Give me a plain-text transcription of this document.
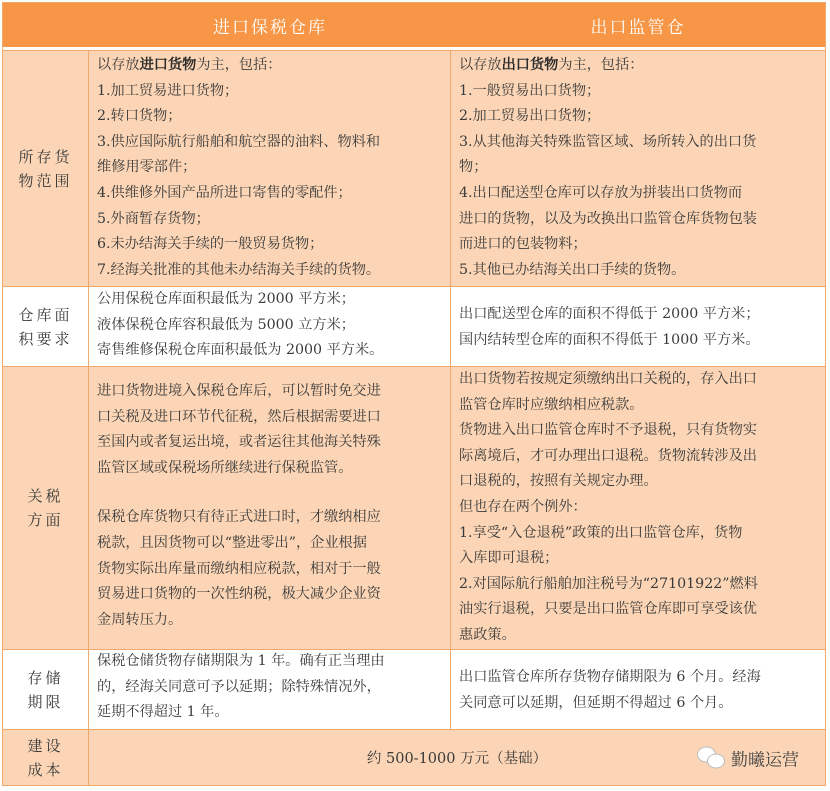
进口保税仓库	出口监管仓
所存货
物范围
以存放进口货物为主，包括：
1.加工贸易进口货物；
2.转口货物；
3.供应国际航行船舶和航空器的油料、物料和
维修用零部件；
4.供维修外国产品所进口寄售的零配件；
5.外商暂存货物；
6.未办结海关手续的一般贸易货物；
7.经海关批准的其他未办结海关手续的货物。
以存放出口货物为主，包括：
1.一般贸易出口货物；
2.加工贸易出口货物；
3.从其他海关特殊监管区域、场所转入的出口货
物；
4.出口配送型仓库可以存放为拼装出口货物而
进口的货物，以及为改换出口监管仓库货物包装
而进口的包装物料；
5.其他已办结海关出口手续的货物。
仓库面
积要求
公用保税仓库面积最低为 2000 平方米；
液体保税仓库容积最低为 5000 立方米；
寄售维修保税仓库面积最低为 2000 平方米。
出口配送型仓库的面积不得低于 2000 平方米；
国内结转型仓库的面积不得低于 1000 平方米。
关税
方面
进口货物进境入保税仓库后，可以暂时免交进
口关税及进口环节代征税，然后根据需要进口
至国内或者复运出境，或者运往其他海关特殊
监管区域或保税场所继续进行保税监管。
保税仓库货物只有待正式进口时，才缴纳相应
税款，且因货物可以“整进零出”，企业根据
货物实际出库量而缴纳相应税款，相对于一般
贸易进口货物的一次性纳税，极大减少企业资
金周转压力。
出口货物若按规定须缴纳出口关税的，存入出口
监管仓库时应缴纳相应税款。
货物进入出口监管仓库时不予退税，只有货物实
际离境后，才可办理出口退税。货物流转涉及出
口退税的，按照有关规定办理。
但也存在两个例外：
1.享受“入仓退税”政策的出口监管仓库，货物
入库即可退税；
2.对国际航行船舶加注税号为“27101922”燃料
油实行退税，只要是出口监管仓库即可享受该优
惠政策。
存储
期限
保税仓储货物存储期限为 1 年。确有正当理由
的，经海关同意可予以延期；除特殊情况外，
延期不得超过 1 年。
出口监管仓库所存货物存储期限为 6 个月。经海
关同意可以延期，但延期不得超过 6 个月。
建设
成本
约 500-1000 万元（基础）	勤曦运营
